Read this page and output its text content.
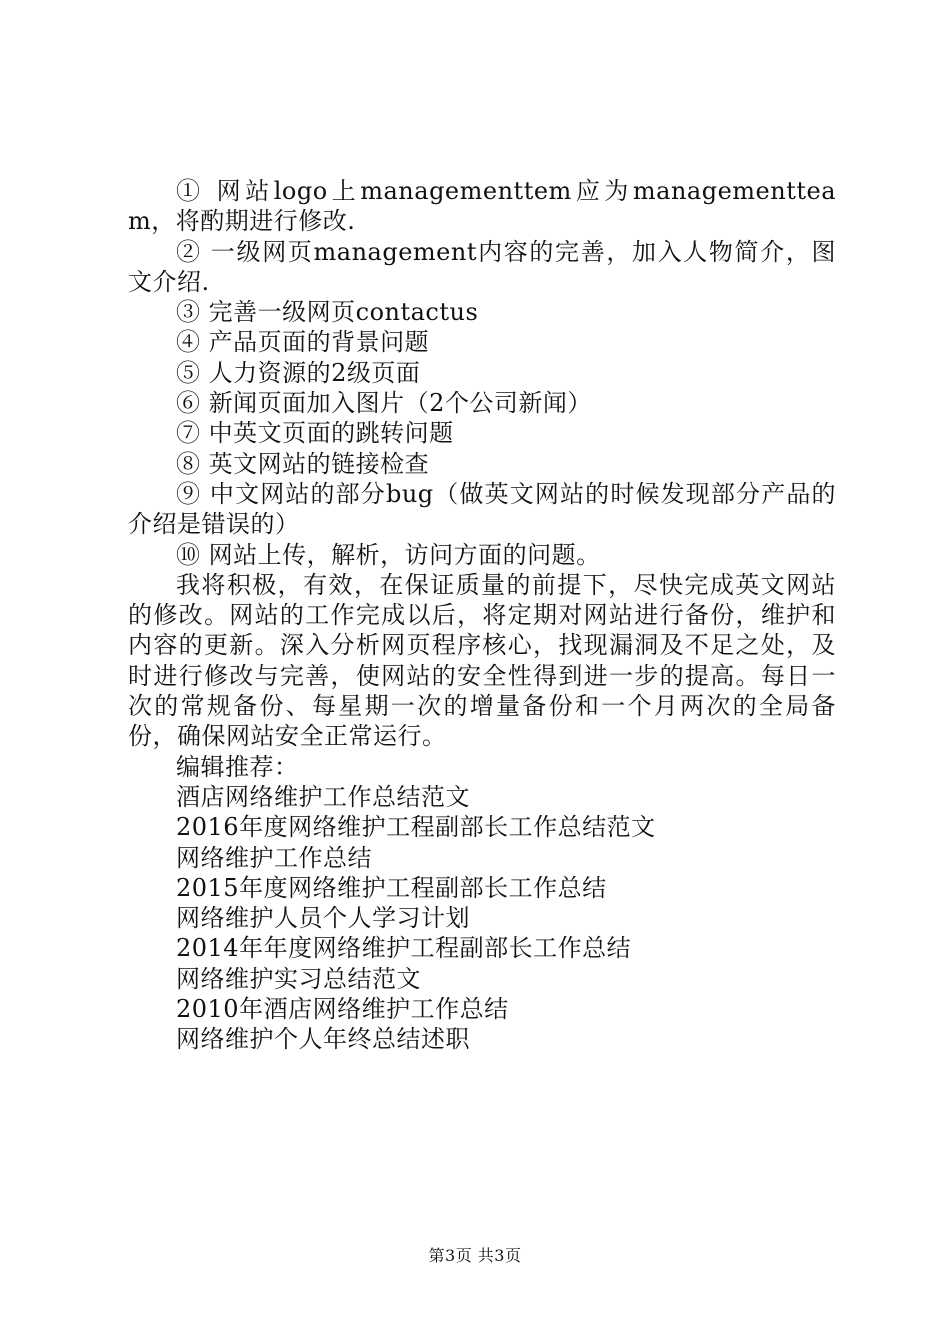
① 网站logo上managementtem应为managementteam，将酌期进行修改.

② 一级网页management内容的完善，加入人物简介，图文介绍.

③ 完善一级网页contactus

④ 产品页面的背景问题

⑤ 人力资源的2级页面

⑥ 新闻页面加入图片（2个公司新闻）

⑦ 中英文页面的跳转问题

⑧ 英文网站的链接检查

⑨ 中文网站的部分bug（做英文网站的时候发现部分产品的介绍是错误的）

⑩ 网站上传，解析，访问方面的问题。

我将积极，有效，在保证质量的前提下，尽快完成英文网站的修改。网站的工作完成以后，将定期对网站进行备份，维护和内容的更新。深入分析网页程序核心，找现漏洞及不足之处，及时进行修改与完善，使网站的安全性得到进一步的提高。每日一次的常规备份、每星期一次的增量备份和一个月两次的全局备份，确保网站安全正常运行。

编辑推荐：
酒店网络维护工作总结范文
2016年度网络维护工程副部长工作总结范文
网络维护工作总结
2015年度网络维护工程副部长工作总结
网络维护人员个人学习计划
2014年年度网络维护工程副部长工作总结
网络维护实习总结范文
2010年酒店网络维护工作总结
网络维护个人年终总结述职
第3页 共3页
